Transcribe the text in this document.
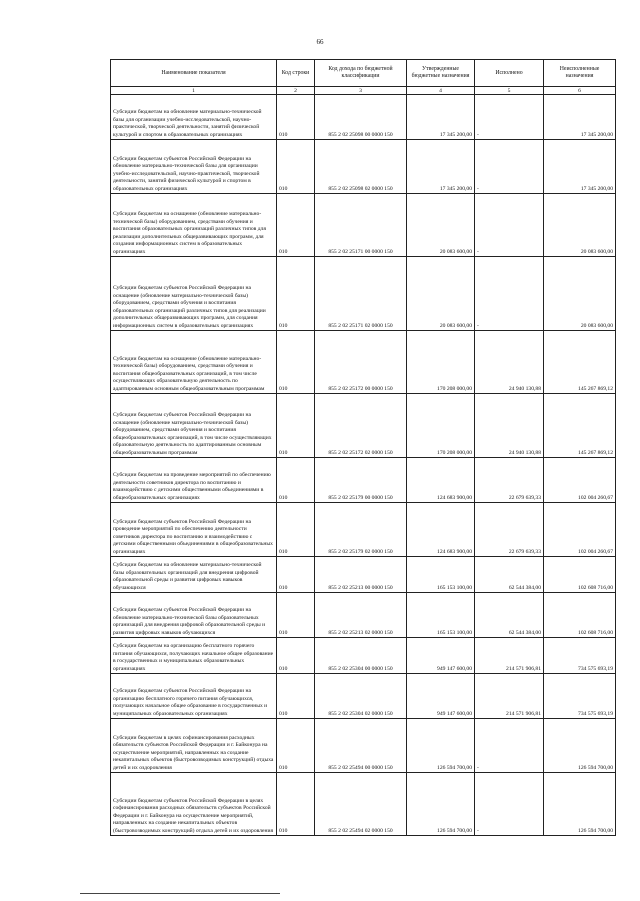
66
Наименование показателя	Код строки	Код дохода по бюджетной классификации	Утвержденные бюджетные назначения	Исполнено	Неисполненные назначения
1	2	3	4	5	6
Субсидии бюджетам на обновление материально-технической базы для организации учебно-исследовательской, научно-практической, творческой деятельности, занятий физической культурой и спортом в образовательных организациях	010	855 2 02 25098 00 0000 150	17 345 200,00	-	17 345 200,00
Субсидии бюджетам субъектов Российской Федерации на обновление материально-технической базы для организации учебно-исследовательской, научно-практической, творческой деятельности, занятий физической культурой и спортом в образовательных организациях	010	855 2 02 25098 02 0000 150	17 345 200,00	-	17 345 200,00
Субсидии бюджетам на оснащение (обновление материально-технической базы) оборудованием, средствами обучения и воспитания образовательных организаций различных типов для реализации дополнительных общеразвивающих программ, для создания информационных систем в образовательных организациях	010	855 2 02 25171 00 0000 150	20 083 600,00	-	20 083 600,00
Субсидии бюджетам субъектов Российской Федерации на оснащение (обновление материально-технической базы) оборудованием, средствами обучения и воспитания образовательных организаций различных типов для реализации дополнительных общеразвивающих программ, для создания информационных систем в образовательных организациях	010	855 2 02 25171 02 0000 150	20 083 600,00	-	20 083 600,00
Субсидии бюджетам на оснащение (обновление материально-технической базы) оборудованием, средствами обучения и воспитания общеобразовательных организаций, в том числе осуществляющих образовательную деятельность по адаптированным основным общеобразовательным программам	010	855 2 02 25172 00 0000 150	170 208 000,00	24 940 130,88	145 267 869,12
Субсидии бюджетам субъектов Российской Федерации на оснащение (обновление материально-технической базы) оборудованием, средствами обучения и воспитания общеобразовательных организаций, в том числе осуществляющих образовательную деятельность по адаптированным основным общеобразовательным программам	010	855 2 02 25172 02 0000 150	170 208 000,00	24 940 130,88	145 267 869,12
Субсидии бюджетам на проведение мероприятий по обеспечению деятельности советников директора по воспитанию и взаимодействию с детскими общественными объединениями в общеобразовательных организациях	010	855 2 02 25179 00 0000 150	124 683 900,00	22 679 639,33	102 004 260,67
Субсидии бюджетам субъектов Российской Федерации на проведение мероприятий по обеспечению деятельности советников директора по воспитанию и взаимодействию с детскими общественными объединениями в общеобразовательных организациях	010	855 2 02 25179 02 0000 150	124 683 900,00	22 679 639,33	102 004 260,67
Субсидии бюджетам на обновление материально-технической базы образовательных организаций для внедрения цифровой образовательной среды и развития цифровых навыков обучающихся	010	855 2 02 25213 00 0000 150	165 153 100,00	62 544 384,00	102 608 716,00
Субсидии бюджетам субъектов Российской Федерации на обновление материально-технической базы образовательных организаций для внедрения цифровой образовательной среды и развития цифровых навыков обучающихся	010	855 2 02 25213 02 0000 150	165 153 100,00	62 544 384,00	102 608 716,00
Субсидии бюджетам на организацию бесплатного горячего питания обучающихся, получающих начальное общее образование в государственных и муниципальных образовательных организациях	010	855 2 02 25304 00 0000 150	949 147 600,00	214 571 906,81	734 575 693,19
Субсидии бюджетам субъектов Российской Федерации на организацию бесплатного горячего питания обучающихся, получающих начальное общее образование в государственных и муниципальных образовательных организациях	010	855 2 02 25304 02 0000 150	949 147 600,00	214 571 906,81	734 575 693,19
Субсидии бюджетам в целях софинансирования расходных обязательств субъектов Российской Федерации и г. Байконура на осуществление мероприятий, направленных на создание некапитальных объектов (быстровозводимых конструкций) отдыха детей и их оздоровления	010	855 2 02 25494 00 0000 150	126 594 700,00	-	126 594 700,00
Субсидии бюджетам субъектов Российской Федерации в целях софинансирования расходных обязательств субъектов Российской Федерации и г. Байконура на осуществление мероприятий, направленных на создание некапитальных объектов (быстровозводимых конструкций) отдыха детей и их оздоровления	010	855 2 02 25494 02 0000 150	126 594 700,00	-	126 594 700,00
